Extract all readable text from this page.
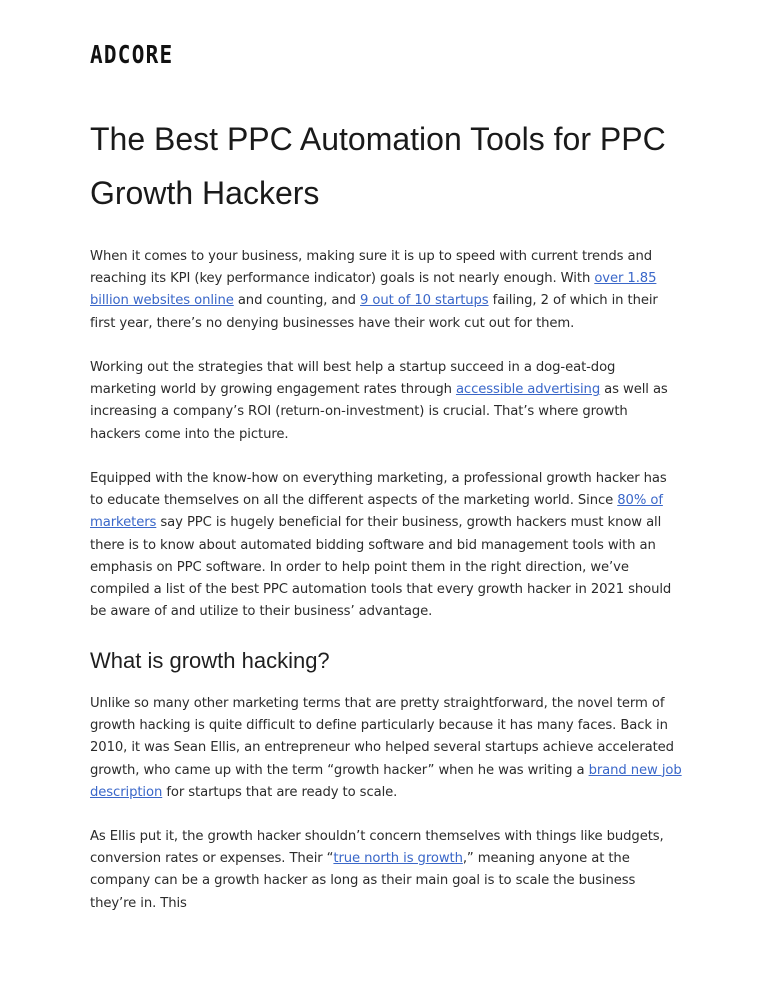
ADCORE
The Best PPC Automation Tools for PPC Growth Hackers

When it comes to your business, making sure it is up to speed with current trends and reaching its KPI (key performance indicator) goals is not nearly enough. With over 1.85 billion websites online and counting, and 9 out of 10 startups failing, 2 of which in their first year, there’s no denying businesses have their work cut out for them.

Working out the strategies that will best help a startup succeed in a dog-eat-dog marketing world by growing engagement rates through accessible advertising as well as increasing a company’s ROI (return-on-investment) is crucial. That’s where growth hackers come into the picture.

Equipped with the know-how on everything marketing, a professional growth hacker has to educate themselves on all the different aspects of the marketing world. Since 80% of marketers say PPC is hugely beneficial for their business, growth hackers must know all there is to know about automated bidding software and bid management tools with an emphasis on PPC software. In order to help point them in the right direction, we’ve compiled a list of the best PPC automation tools that every growth hacker in 2021 should be aware of and utilize to their business’ advantage.

What is growth hacking?

Unlike so many other marketing terms that are pretty straightforward, the novel term of growth hacking is quite difficult to define particularly because it has many faces. Back in 2010, it was Sean Ellis, an entrepreneur who helped several startups achieve accelerated growth, who came up with the term “growth hacker” when he was writing a brand new job description for startups that are ready to scale.

As Ellis put it, the growth hacker shouldn’t concern themselves with things like budgets, conversion rates or expenses. Their “true north is growth,” meaning anyone at the company can be a growth hacker as long as their main goal is to scale the business they’re in. This
